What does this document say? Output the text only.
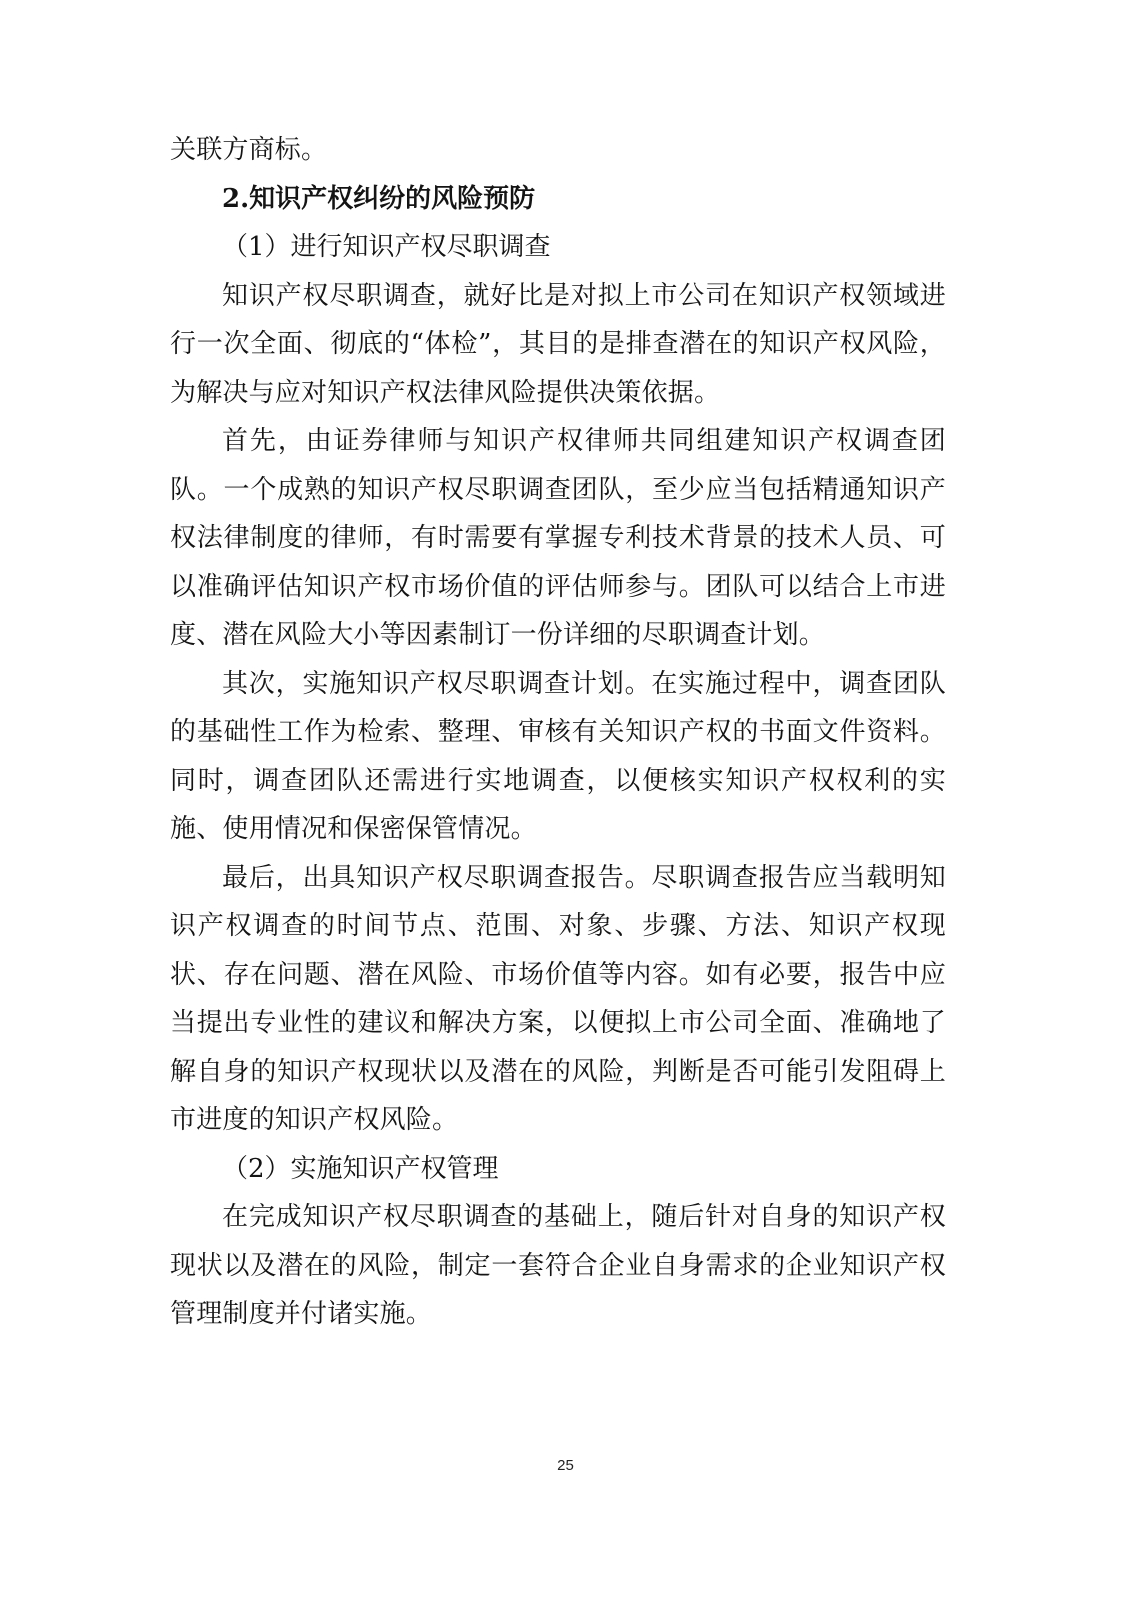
关联方商标。

2.知识产权纠纷的风险预防

（1）进行知识产权尽职调查

知识产权尽职调查，就好比是对拟上市公司在知识产权领域进行一次全面、彻底的“体检”，其目的是排查潜在的知识产权风险，为解决与应对知识产权法律风险提供决策依据。

首先，由证券律师与知识产权律师共同组建知识产权调查团队。一个成熟的知识产权尽职调查团队，至少应当包括精通知识产权法律制度的律师，有时需要有掌握专利技术背景的技术人员、可以准确评估知识产权市场价值的评估师参与。团队可以结合上市进度、潜在风险大小等因素制订一份详细的尽职调查计划。

其次，实施知识产权尽职调查计划。在实施过程中，调查团队的基础性工作为检索、整理、审核有关知识产权的书面文件资料。同时，调查团队还需进行实地调查，以便核实知识产权权利的实施、使用情况和保密保管情况。

最后，出具知识产权尽职调查报告。尽职调查报告应当载明知识产权调查的时间节点、范围、对象、步骤、方法、知识产权现状、存在问题、潜在风险、市场价值等内容。如有必要，报告中应当提出专业性的建议和解决方案，以便拟上市公司全面、准确地了解自身的知识产权现状以及潜在的风险，判断是否可能引发阻碍上市进度的知识产权风险。

（2）实施知识产权管理

在完成知识产权尽职调查的基础上，随后针对自身的知识产权现状以及潜在的风险，制定一套符合企业自身需求的企业知识产权管理制度并付诸实施。

25
